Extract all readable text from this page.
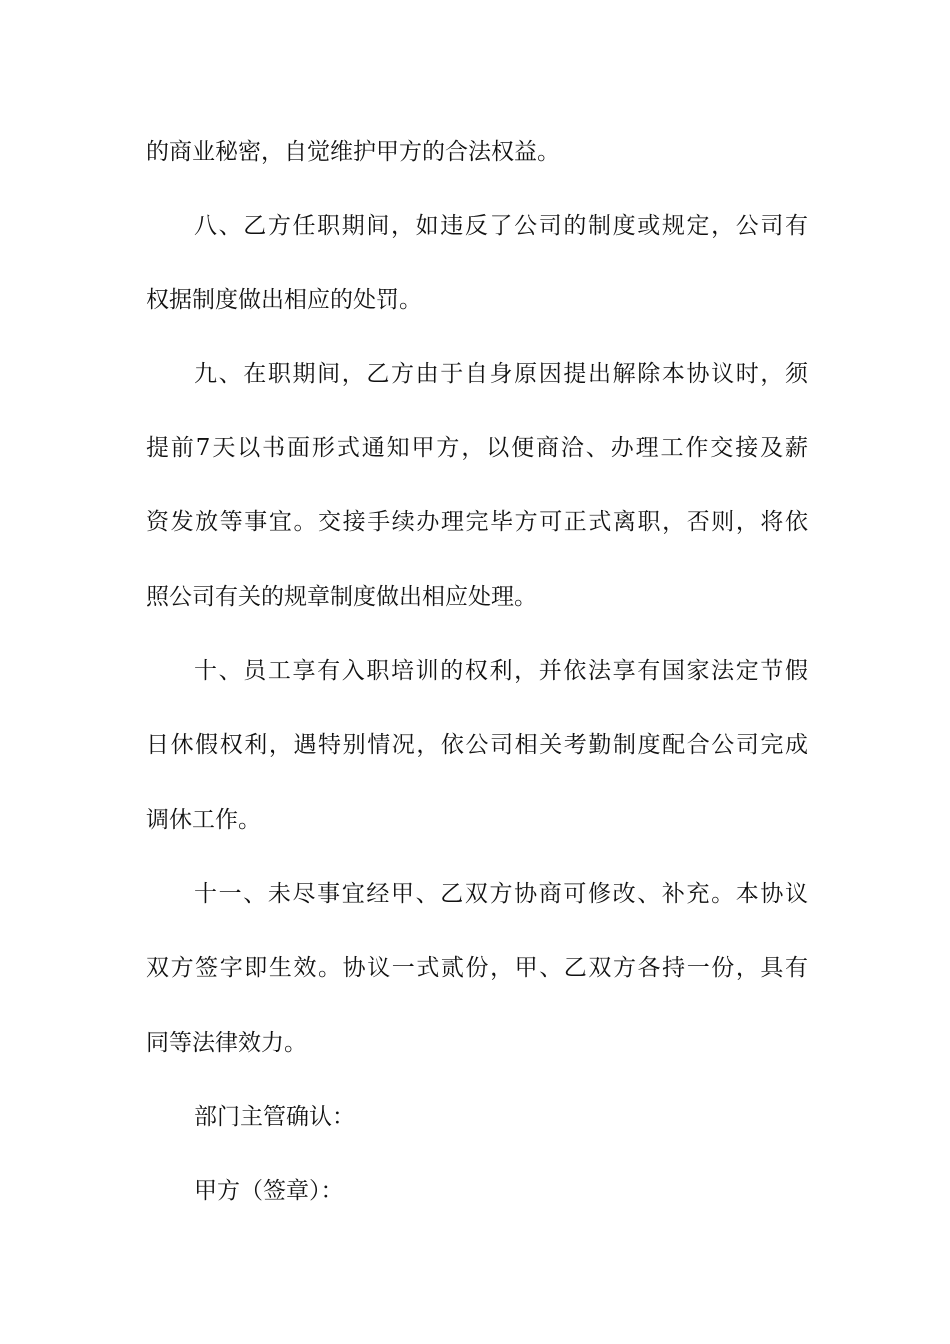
的商业秘密，自觉维护甲方的合法权益。
八、乙方任职期间，如违反了公司的制度或规定，公司有
权据制度做出相应的处罚。
九、在职期间，乙方由于自身原因提出解除本协议时，须
提前7天以书面形式通知甲方，以便商洽、办理工作交接及薪
资发放等事宜。交接手续办理完毕方可正式离职，否则，将依
照公司有关的规章制度做出相应处理。
十、员工享有入职培训的权利，并依法享有国家法定节假
日休假权利，遇特别情况，依公司相关考勤制度配合公司完成
调休工作。
十一、未尽事宜经甲、乙双方协商可修改、补充。本协议
双方签字即生效。协议一式贰份，甲、乙双方各持一份，具有
同等法律效力。
部门主管确认：
甲方（签章）：
